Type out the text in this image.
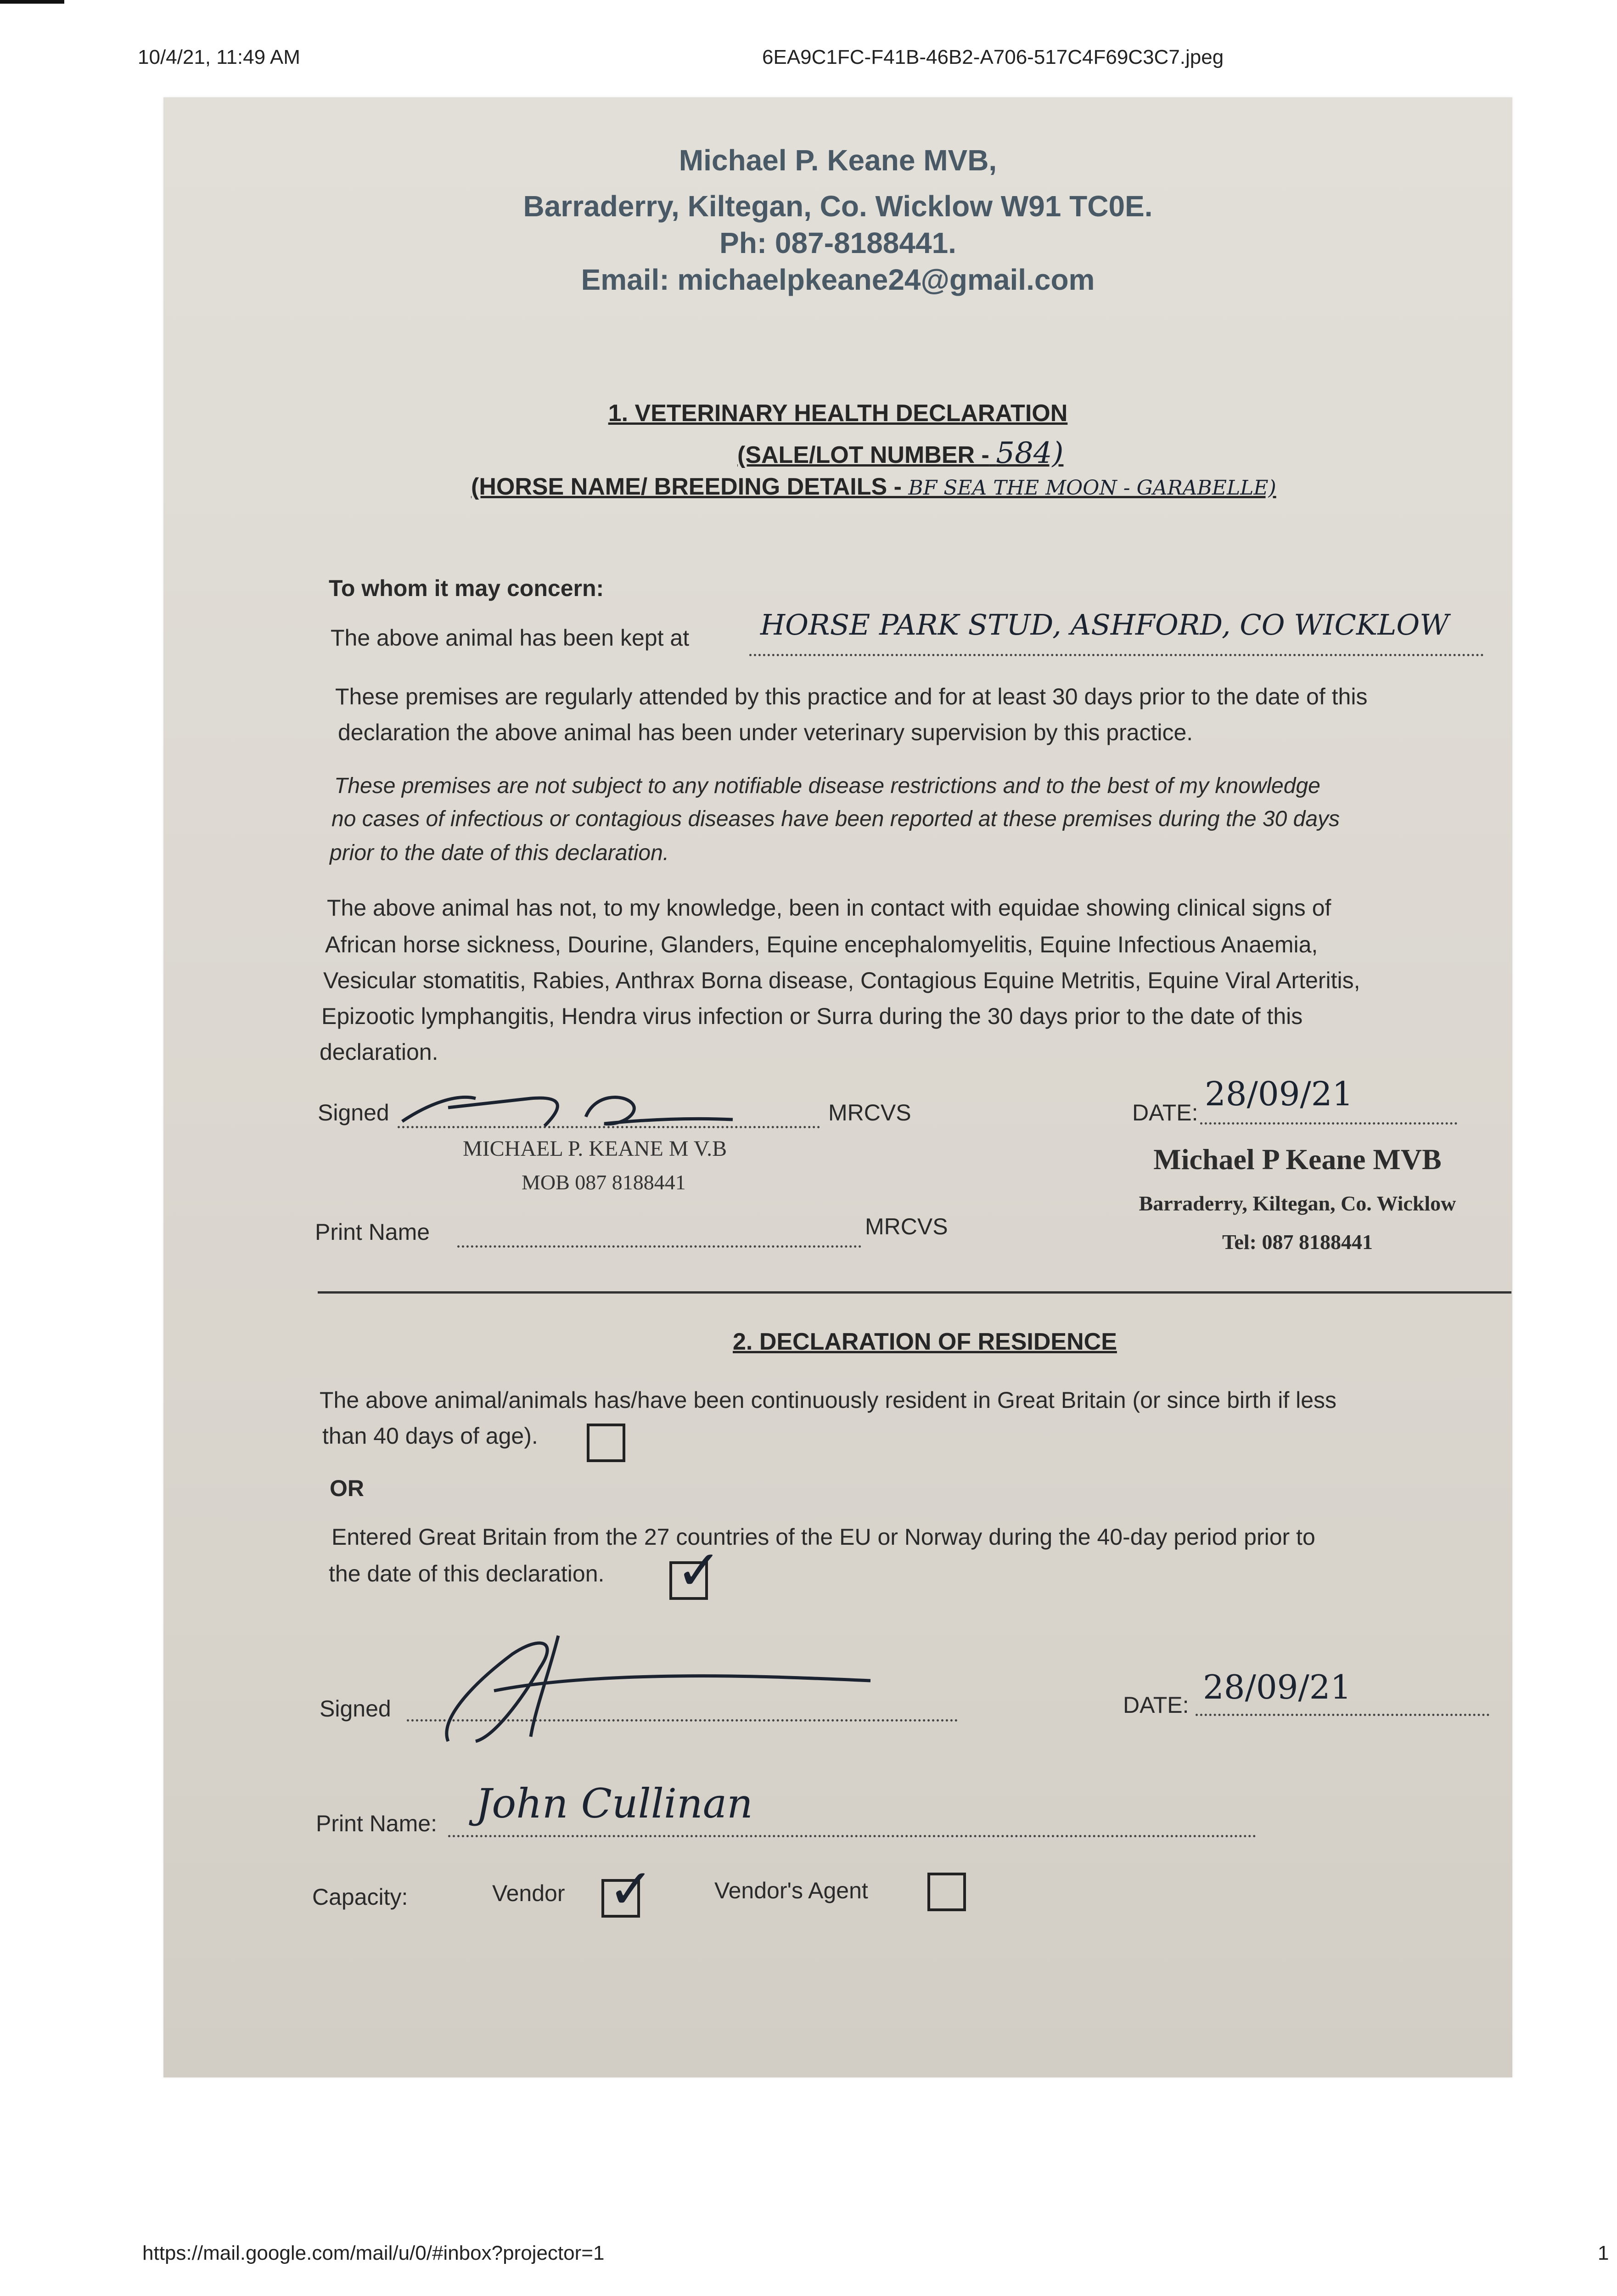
10/4/21, 11:49 AM	6EA9C1FC-F41B-46B2-A706-517C4F69C3C7.jpeg
https://mail.google.com/mail/u/0/#inbox?projector=1	1
Michael P. Keane MVB,
Barraderry, Kiltegan, Co. Wicklow W91 TC0E.
Ph: 087-8188441.
Email: michaelpkeane24@gmail.com
1. VETERINARY HEALTH DECLARATION
(SALE/LOT NUMBER - 584)
(HORSE NAME/ BREEDING DETAILS - BF SEA THE MOON - GARABELLE)
To whom it may concern:
The above animal has been kept at HORSE PARK STUD, ASHFORD, CO WICKLOW
These premises are regularly attended by this practice and for at least 30 days prior to the date of this
declaration the above animal has been under veterinary supervision by this practice.
These premises are not subject to any notifiable disease restrictions and to the best of my knowledge
no cases of infectious or contagious diseases have been reported at these premises during the 30 days
prior to the date of this declaration.
The above animal has not, to my knowledge, been in contact with equidae showing clinical signs of
African horse sickness, Dourine, Glanders, Equine encephalomyelitis, Equine Infectious Anaemia,
Vesicular stomatitis, Rabies, Anthrax Borna disease, Contagious Equine Metritis, Equine Viral Arteritis,
Epizootic lymphangitis, Hendra virus infection or Surra during the 30 days prior to the date of this
declaration.
Signed	MRCVS	DATE: 28/09/21
MICHAEL P. KEANE M V.B
MOB 087 8188441
Print Name	MRCVS
Michael P Keane MVB
Barraderry, Kiltegan, Co. Wicklow
Tel: 087 8188441
2. DECLARATION OF RESIDENCE
The above animal/animals has/have been continuously resident in Great Britain (or since birth if less
than 40 days of age).
OR
Entered Great Britain from the 27 countries of the EU or Norway during the 40-day period prior to
the date of this declaration. ✓
Signed	DATE: 28/09/21
Print Name: John Cullinan
Capacity:	Vendor ✓	Vendor's Agent
